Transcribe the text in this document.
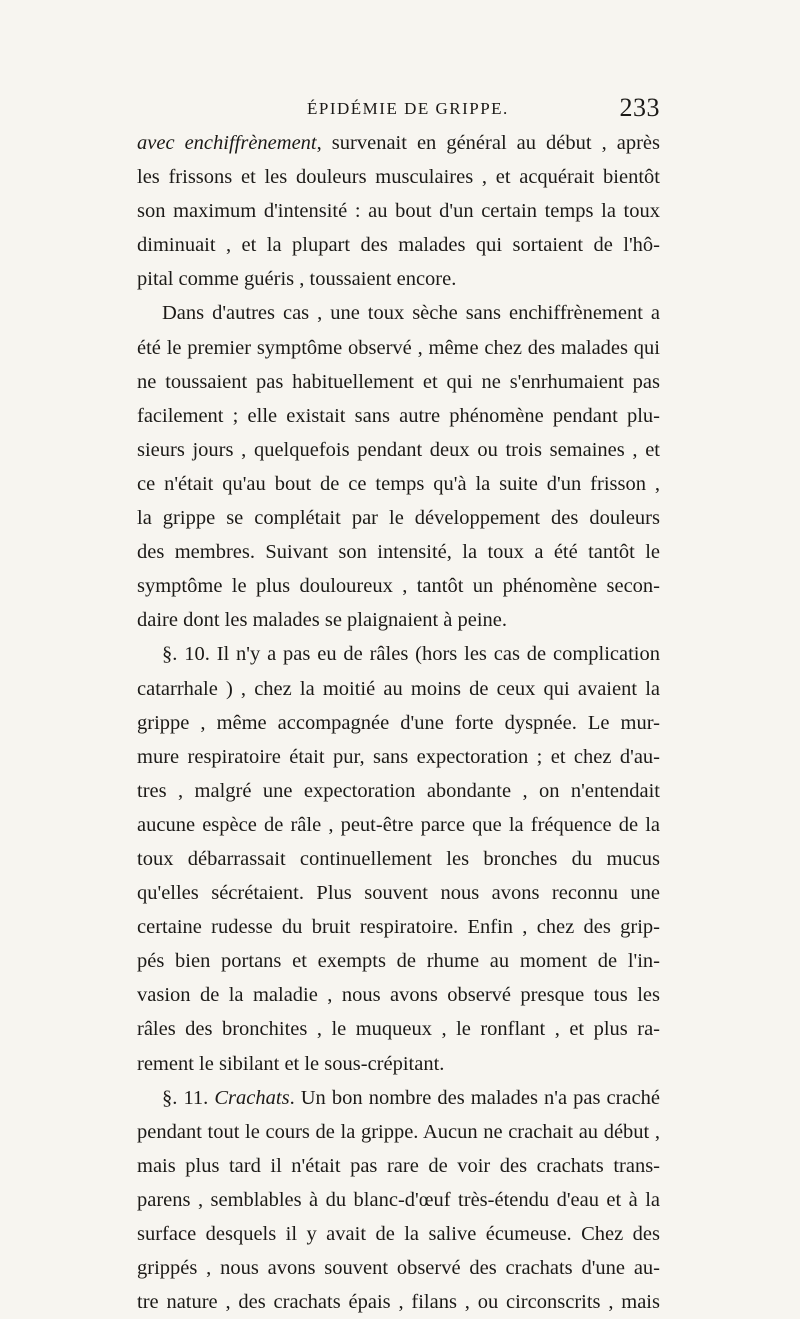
ÉPIDÉMIE DE GRIPPE.	233
avec enchiffrènement, survenait en général au début , après
les frissons et les douleurs musculaires , et acquérait bientôt
son maximum d'intensité : au bout d'un certain temps la toux
diminuait , et la plupart des malades qui sortaient de l'hô-
pital comme guéris , toussaient encore.
Dans d'autres cas , une toux sèche sans enchiffrènement a
été le premier symptôme observé , même chez des malades qui
ne toussaient pas habituellement et qui ne s'enrhumaient pas
facilement ; elle existait sans autre phénomène pendant plu-
sieurs jours , quelquefois pendant deux ou trois semaines , et
ce n'était qu'au bout de ce temps qu'à la suite d'un frisson ,
la grippe se complétait par le développement des douleurs
des membres. Suivant son intensité, la toux a été tantôt le
symptôme le plus douloureux , tantôt un phénomène secon-
daire dont les malades se plaignaient à peine.
§. 10. Il n'y a pas eu de râles (hors les cas de complication
catarrhale ) , chez la moitié au moins de ceux qui avaient la
grippe , même accompagnée d'une forte dyspnée. Le mur-
mure respiratoire était pur, sans expectoration ; et chez d'au-
tres , malgré une expectoration abondante , on n'entendait
aucune espèce de râle , peut-être parce que la fréquence de la
toux débarrassait continuellement les bronches du mucus
qu'elles sécrétaient. Plus souvent nous avons reconnu une
certaine rudesse du bruit respiratoire. Enfin , chez des grip-
pés bien portans et exempts de rhume au moment de l'in-
vasion de la maladie , nous avons observé presque tous les
râles des bronchites , le muqueux , le ronflant , et plus ra-
rement le sibilant et le sous-crépitant.
§. 11. Crachats. Un bon nombre des malades n'a pas craché
pendant tout le cours de la grippe. Aucun ne crachait au début ,
mais plus tard il n'était pas rare de voir des crachats trans-
parens , semblables à du blanc-d'œuf très-étendu d'eau et à la
surface desquels il y avait de la salive écumeuse. Chez des
grippés , nous avons souvent observé des crachats d'une au-
tre nature , des crachats épais , filans , ou circonscrits , mais
